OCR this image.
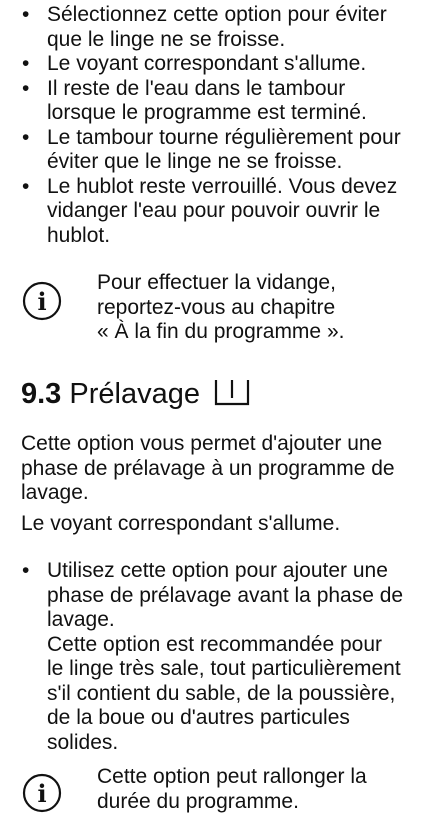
• Sélectionnez cette option pour éviter
que le linge ne se froisse.
• Le voyant correspondant s'allume.
• Il reste de l'eau dans le tambour
lorsque le programme est terminé.
• Le tambour tourne régulièrement pour
éviter que le linge ne se froisse.
• Le hublot reste verrouillé. Vous devez
vidanger l'eau pour pouvoir ouvrir le
hublot.
i
Pour effectuer la vidange,
reportez-vous au chapitre
« À la fin du programme ».
9.3 Prélavage
Cette option vous permet d'ajouter une
phase de prélavage à un programme de
lavage.
Le voyant correspondant s'allume.
• Utilisez cette option pour ajouter une
phase de prélavage avant la phase de
lavage.
Cette option est recommandée pour
le linge très sale, tout particulièrement
s'il contient du sable, de la poussière,
de la boue ou d'autres particules
solides.
i
Cette option peut rallonger la
durée du programme.
